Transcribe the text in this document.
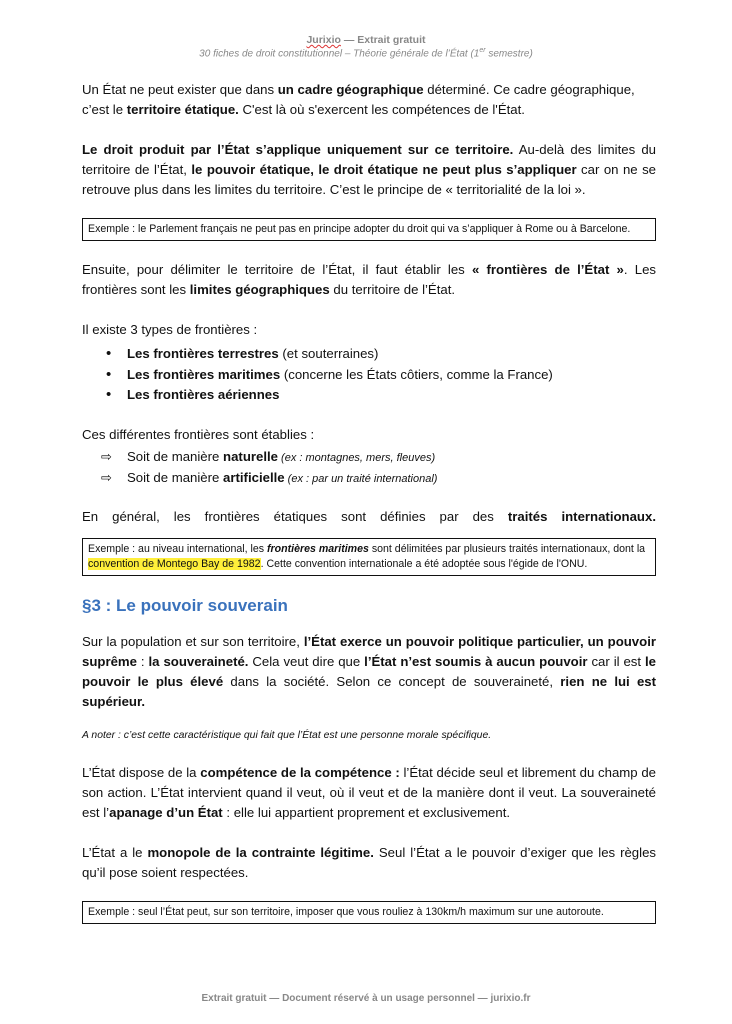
Jurixio — Extrait gratuit
30 fiches de droit constitutionnel – Théorie générale de l’État (1er semestre)

Un État ne peut exister que dans un cadre géographique déterminé. Ce cadre géographique, c’est le territoire étatique. C'est là où s'exercent les compétences de l'État.

Le droit produit par l’État s’applique uniquement sur ce territoire. Au-delà des limites du territoire de l’État, le pouvoir étatique, le droit étatique ne peut plus s’appliquer car on ne se retrouve plus dans les limites du territoire. C’est le principe de « territorialité de la loi ».

Exemple : le Parlement français ne peut pas en principe adopter du droit qui va s’appliquer à Rome ou à Barcelone.

Ensuite, pour délimiter le territoire de l’État, il faut établir les « frontières de l’État ». Les frontières sont les limites géographiques du territoire de l’État.

Il existe 3 types de frontières :

• Les frontières terrestres (et souterraines)
• Les frontières maritimes (concerne les États côtiers, comme la France)
• Les frontières aériennes

Ces différentes frontières sont établies :

⇨ Soit de manière naturelle (ex : montagnes, mers, fleuves)
⇨ Soit de manière artificielle (ex : par un traité international)

En général, les frontières étatiques sont définies par des traités internationaux.

Exemple : au niveau international, les frontières maritimes sont délimitées par plusieurs traités internationaux, dont la convention de Montego Bay de 1982. Cette convention internationale a été adoptée sous l'égide de l'ONU.
§3 : Le pouvoir souverain

Sur la population et sur son territoire, l’État exerce un pouvoir politique particulier, un pouvoir suprême : la souveraineté. Cela veut dire que l’État n’est soumis à aucun pouvoir car il est le pouvoir le plus élevé dans la société. Selon ce concept de souveraineté, rien ne lui est supérieur.

A noter : c’est cette caractéristique qui fait que l’État est une personne morale spécifique.

L’État dispose de la compétence de la compétence : l’État décide seul et librement du champ de son action. L’État intervient quand il veut, où il veut et de la manière dont il veut. La souveraineté est l’apanage d’un État : elle lui appartient proprement et exclusivement.

L’État a le monopole de la contrainte légitime. Seul l’État a le pouvoir d’exiger que les règles qu’il pose soient respectées.

Exemple : seul l’État peut, sur son territoire, imposer que vous rouliez à 130km/h maximum sur une autoroute.
Extrait gratuit — Document réservé à un usage personnel — jurixio.fr
